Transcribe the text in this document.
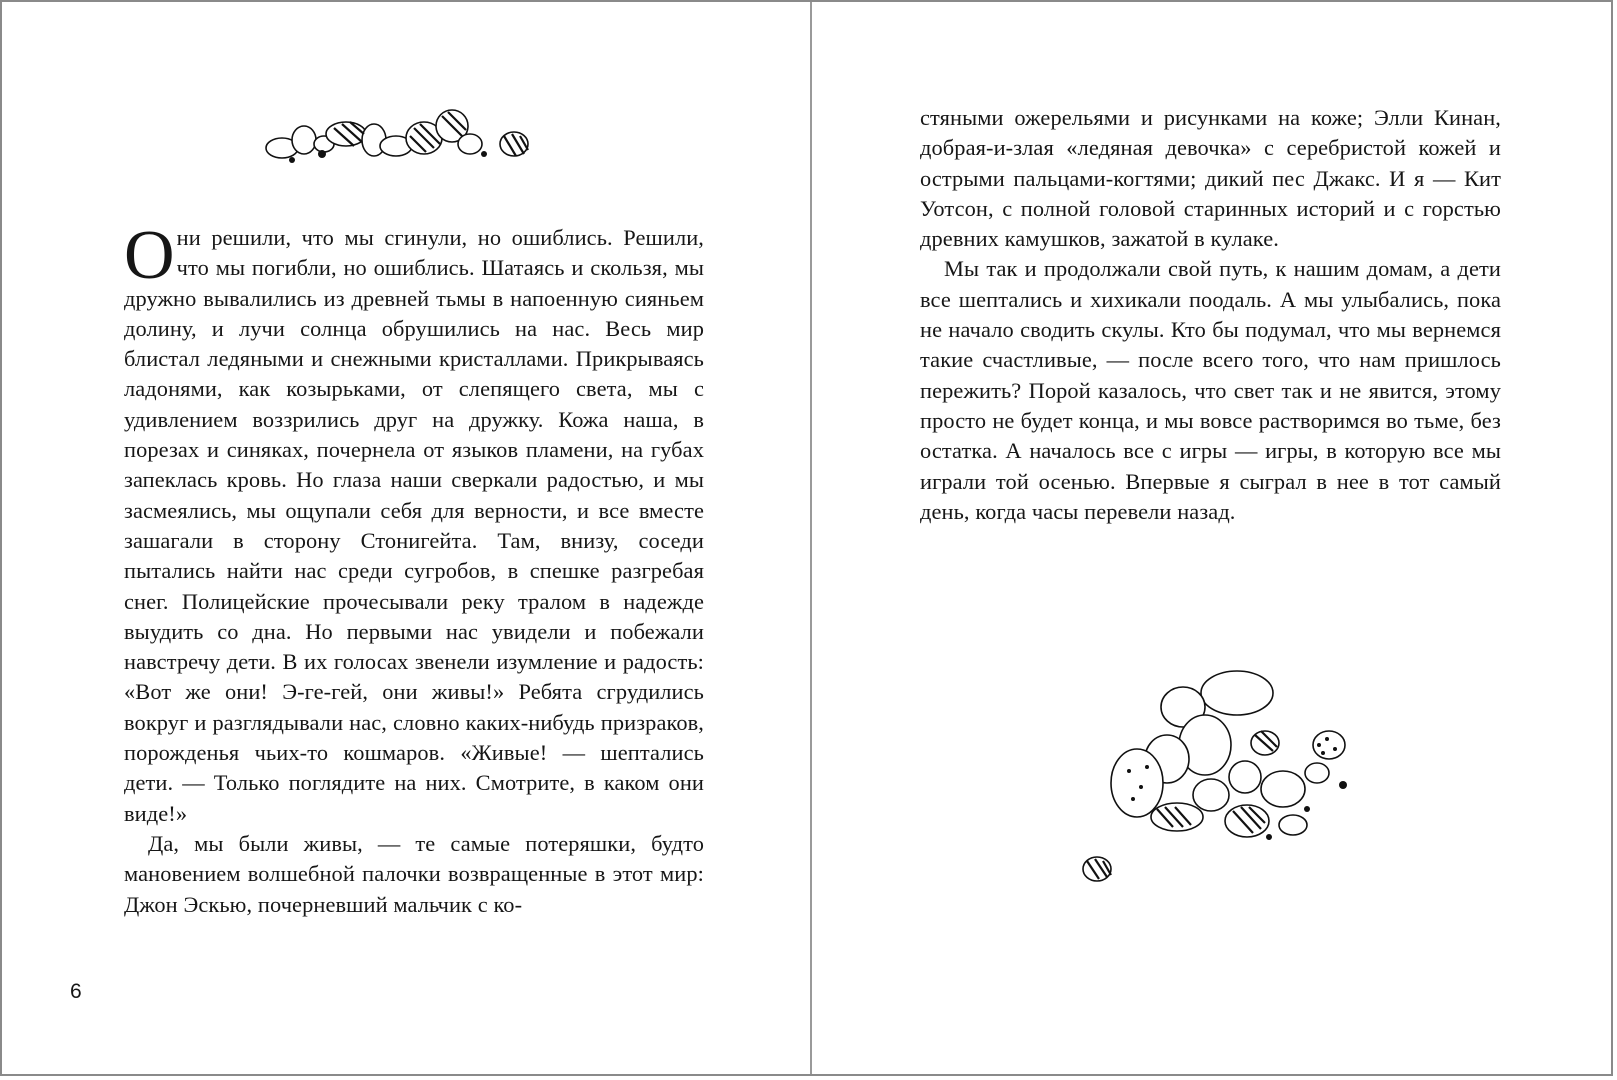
Они решили, что мы сгинули, но ошиблись. Решили, что мы погибли, но ошиблись. Шатаясь и скользя, мы дружно вывалились из древней тьмы в напоенную сияньем долину, и лучи солнца обрушились на нас. Весь мир блистал ледяными и снежными кристаллами. Прикрываясь ладонями, как козырьками, от слепящего света, мы с удивлением воззрились друг на дружку. Кожа наша, в порезах и синяках, почернела от языков пламени, на губах запеклась кровь. Но глаза наши сверкали радостью, и мы засмеялись, мы ощупали себя для верности, и все вместе зашагали в сторону Стонигейта. Там, внизу, соседи пытались найти нас среди сугробов, в спешке разгребая снег. Полицейские прочесывали реку тралом в надежде выудить со дна. Но первыми нас увидели и побежали навстречу дети. В их голосах звенели изумление и радость: «Вот же они! Э-ге-гей, они живы!» Ребята сгрудились вокруг и разглядывали нас, словно каких-нибудь призраков, порожденья чьих-то кошмаров. «Живые! — шептались дети. — Только поглядите на них. Смотрите, в каком они виде!»

Да, мы были живы, — те самые потеряшки, будто мановением волшебной палочки возвращенные в этот мир: Джон Эскью, почерневший мальчик с ко-

6

стяными ожерельями и рисунками на коже; Элли Кинан, добрая-и-злая «ледяная девочка» с серебристой кожей и острыми пальцами-когтями; дикий пес Джакс. И я — Кит Уотсон, с полной головой старинных историй и с горстью древних камушков, зажатой в кулаке.

Мы так и продолжали свой путь, к нашим домам, а дети все шептались и хихикали поодаль. А мы улыбались, пока не начало сводить скулы. Кто бы подумал, что мы вернемся такие счастливые, — после всего того, что нам пришлось пережить? Порой казалось, что свет так и не явится, этому просто не будет конца, и мы вовсе растворимся во тьме, без остатка. А началось все с игры — игры, в которую все мы играли той осенью. Впервые я сыграл в нее в тот самый день, когда часы перевели назад.
